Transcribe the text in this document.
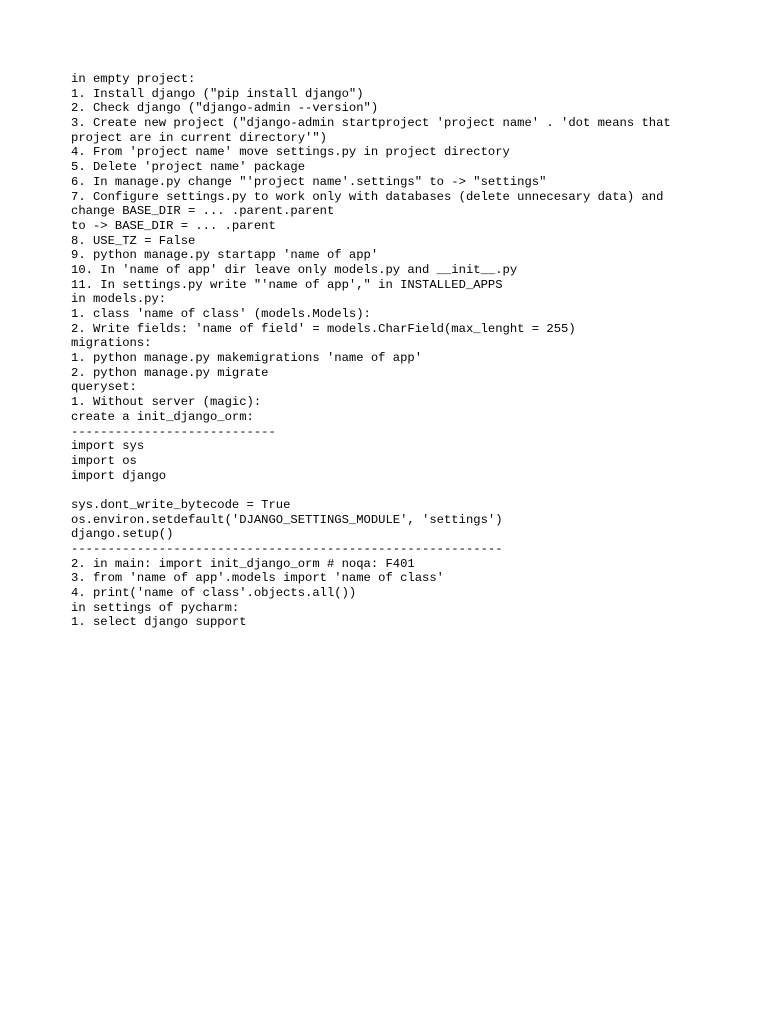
in empty project:
1. Install django ("pip install django")
2. Check django ("django-admin --version")
3. Create new project ("django-admin startproject 'project name' . 'dot means that
project are in current directory'")
4. From 'project name' move settings.py in project directory
5. Delete 'project name' package
6. In manage.py change "'project name'.settings" to -> "settings"
7. Configure settings.py to work only with databases (delete unnecesary data) and
change BASE_DIR = ... .parent.parent
to -> BASE_DIR = ... .parent
8. USE_TZ = False
9. python manage.py startapp 'name of app'
10. In 'name of app' dir leave only models.py and __init__.py
11. In settings.py write "'name of app'," in INSTALLED_APPS
in models.py:
1. class 'name of class' (models.Models):
2. Write fields: 'name of field' = models.CharField(max_lenght = 255)
migrations:
1. python manage.py makemigrations 'name of app'
2. python manage.py migrate
queryset:
1. Without server (magic):
create a init_django_orm:
----------------------------
import sys
import os
import django
sys.dont_write_bytecode = True
os.environ.setdefault('DJANGO_SETTINGS_MODULE', 'settings')
django.setup()
-----------------------------------------------------------
2. in main: import init_django_orm # noqa: F401
3. from 'name of app'.models import 'name of class'
4. print('name of class'.objects.all())
in settings of pycharm:
1. select django support
